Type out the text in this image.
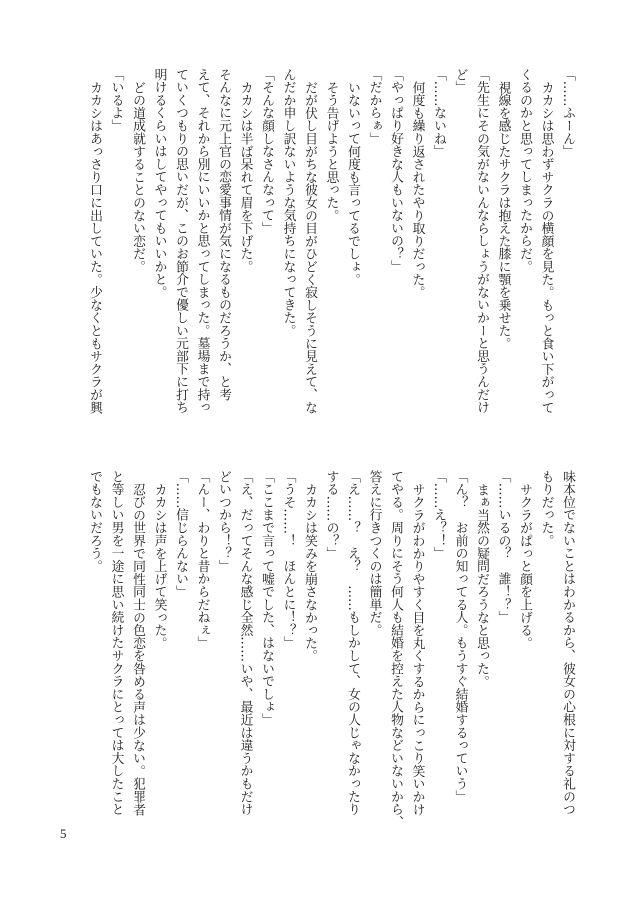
「……ふーん」

カカシは思わずサクラの横顔を見た。もっと食い下がって

くるのかと思ってしまったからだ。

視線を感じたサクラは抱えた膝に顎を乗せた。

「先生にその気がないんならしょうがないかーと思うんだけ

ど」

「……ないね」

何度も繰り返されたやり取りだった。

「やっぱり好きな人もいないの？」

「だからぁ」

いないって何度も言ってるでしょ。

そう告げようと思った。

だが伏し目がちな彼女の目がひどく寂しそうに見えて、な

んだか申し訳ないような気持ちになってきた。

「そんな顔しなさんなって」

カカシは半ば呆れて眉を下げた。

そんなに元上官の恋愛事情が気になるものだろうか、と考

えて、それから別にいいかと思ってしまった。墓場まで持っ

ていくつもりの思いだが、このお節介で優しい元部下に打ち

明けるくらいはしてやってもいいかと。

どの道成就することのない恋だ。

「いるよ」

カカシはあっさり口に出していた。少なくともサクラが興

味本位でないことはわかるから、彼女の心根に対する礼のつ

もりだった。

サクラがぱっと顔を上げる。

「……いるの？　誰！？」

まぁ当然の疑問だろうなと思った。

「ん？　お前の知ってる人。もうすぐ結婚するっていう」

「……え？！」

サクラがわかりやすく目を丸くするからにっこり笑いかけ

てやる。周りにそう何人も結婚を控えた人物などいないから、

答えに行きつくのは簡単だ。

「え……？　え？　……もしかして、女の人じゃなかったり

する……の？」

カカシは笑みを崩さなかった。

「うそ……！　ほんとに！？」

「ここまで言って嘘でした、はないでしょ」

「え、だってそんな感じ全然……いや、最近は違うかもだけ

どいつから！？」

「んー、わりと昔からだねぇ」

「……信じらんない」

カカシは声を上げて笑った。

忍びの世界で同性同士の色恋を咎める声は少ない。犯罪者

と等しい男を一途に思い続けたサクラにとっては大したこと

でもないだろう。

5
